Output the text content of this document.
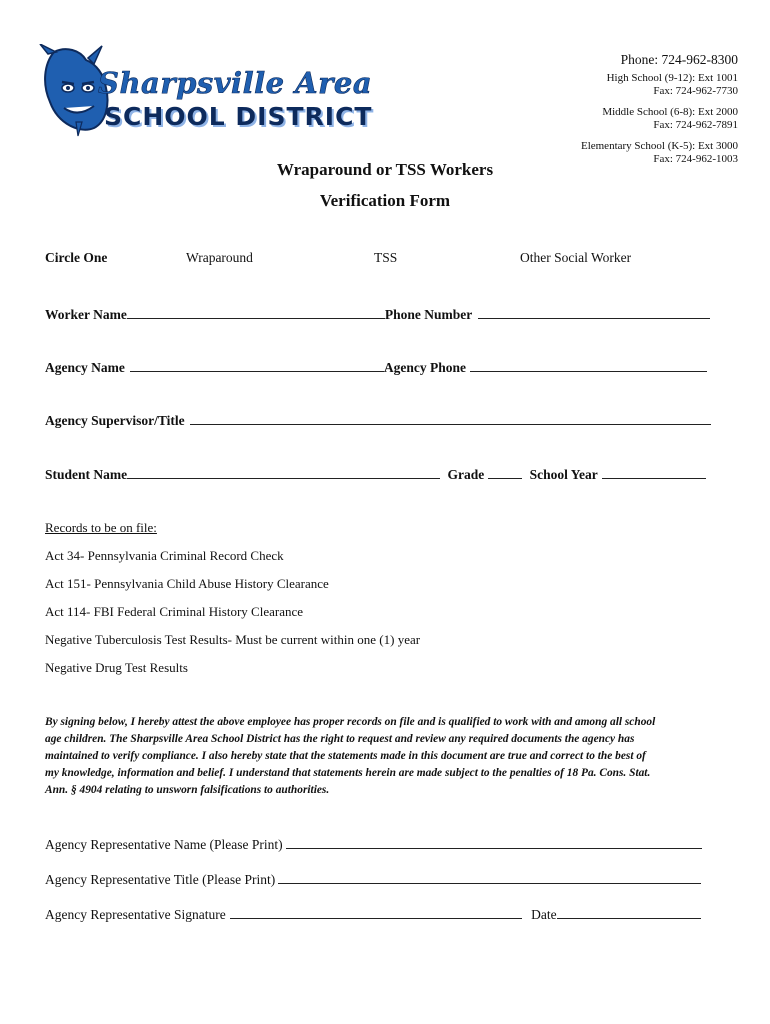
Sharpsville Area
SCHOOL DISTRICT
Phone: 724-962-8300
High School (9-12): Ext 1001
Fax: 724-962-7730
Middle School (6-8): Ext 2000
Fax: 724-962-7891
Elementary School (K-5): Ext 3000
Fax: 724-962-1003
Wraparound or TSS Workers
Verification Form
Circle One	Wraparound	TSS	Other Social Worker
Worker Name	Phone Number
Agency Name	Agency Phone
Agency Supervisor/Title
Student Name	Grade	School Year
Records to be on file:
Act 34- Pennsylvania Criminal Record Check
Act 151- Pennsylvania Child Abuse History Clearance
Act 114- FBI Federal Criminal History Clearance
Negative Tuberculosis Test Results- Must be current within one (1) year
Negative Drug Test Results
By signing below, I hereby attest the above employee has proper records on file and is qualified to work with and among all school
age children. The Sharpsville Area School District has the right to request and review any required documents the agency has
maintained to verify compliance. I also hereby state that the statements made in this document are true and correct to the best of
my knowledge, information and belief. I understand that statements herein are made subject to the penalties of 18 Pa. Cons. Stat.
Ann. § 4904 relating to unsworn falsifications to authorities.
Agency Representative Name (Please Print)
Agency Representative Title (Please Print)
Agency Representative Signature	Date
